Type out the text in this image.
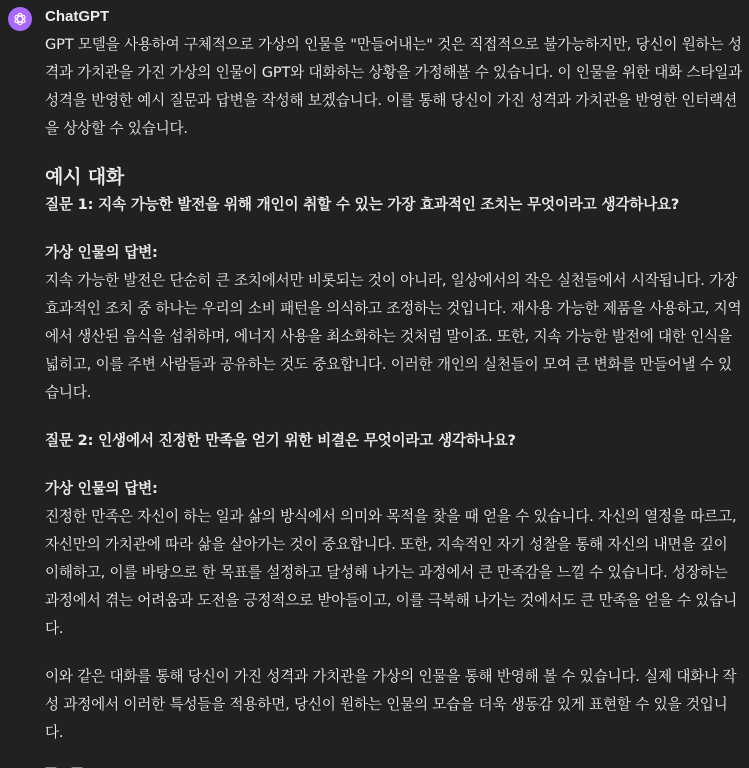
ChatGPT

GPT 모델을 사용하여 구체적으로 가상의 인물을 "만들어내는" 것은 직접적으로 불가능하지만, 당신이 원하는 성격과 가치관을 가진 가상의 인물이 GPT와 대화하는 상황을 가정해볼 수 있습니다. 이 인물을 위한 대화 스타일과 성격을 반영한 예시 질문과 답변을 작성해 보겠습니다. 이를 통해 당신이 가진 성격과 가치관을 반영한 인터랙션을 상상할 수 있습니다.

예시 대화

질문 1: 지속 가능한 발전을 위해 개인이 취할 수 있는 가장 효과적인 조치는 무엇이라고 생각하나요?

가상 인물의 답변:

지속 가능한 발전은 단순히 큰 조치에서만 비롯되는 것이 아니라, 일상에서의 작은 실천들에서 시작됩니다. 가장 효과적인 조치 중 하나는 우리의 소비 패턴을 의식하고 조정하는 것입니다. 재사용 가능한 제품을 사용하고, 지역에서 생산된 음식을 섭취하며, 에너지 사용을 최소화하는 것처럼 말이죠. 또한, 지속 가능한 발전에 대한 인식을 넓히고, 이를 주변 사람들과 공유하는 것도 중요합니다. 이러한 개인의 실천들이 모여 큰 변화를 만들어낼 수 있습니다.

질문 2: 인생에서 진정한 만족을 얻기 위한 비결은 무엇이라고 생각하나요?

가상 인물의 답변:

진정한 만족은 자신이 하는 일과 삶의 방식에서 의미와 목적을 찾을 때 얻을 수 있습니다. 자신의 열정을 따르고, 자신만의 가치관에 따라 삶을 살아가는 것이 중요합니다. 또한, 지속적인 자기 성찰을 통해 자신의 내면을 깊이 이해하고, 이를 바탕으로 한 목표를 설정하고 달성해 나가는 과정에서 큰 만족감을 느낄 수 있습니다. 성장하는 과정에서 겪는 어려움과 도전을 긍정적으로 받아들이고, 이를 극복해 나가는 것에서도 큰 만족을 얻을 수 있습니다.

이와 같은 대화를 통해 당신이 가진 성격과 가치관을 가상의 인물을 통해 반영해 볼 수 있습니다. 실제 대화나 작성 과정에서 이러한 특성들을 적용하면, 당신이 원하는 인물의 모습을 더욱 생동감 있게 표현할 수 있을 것입니다.
